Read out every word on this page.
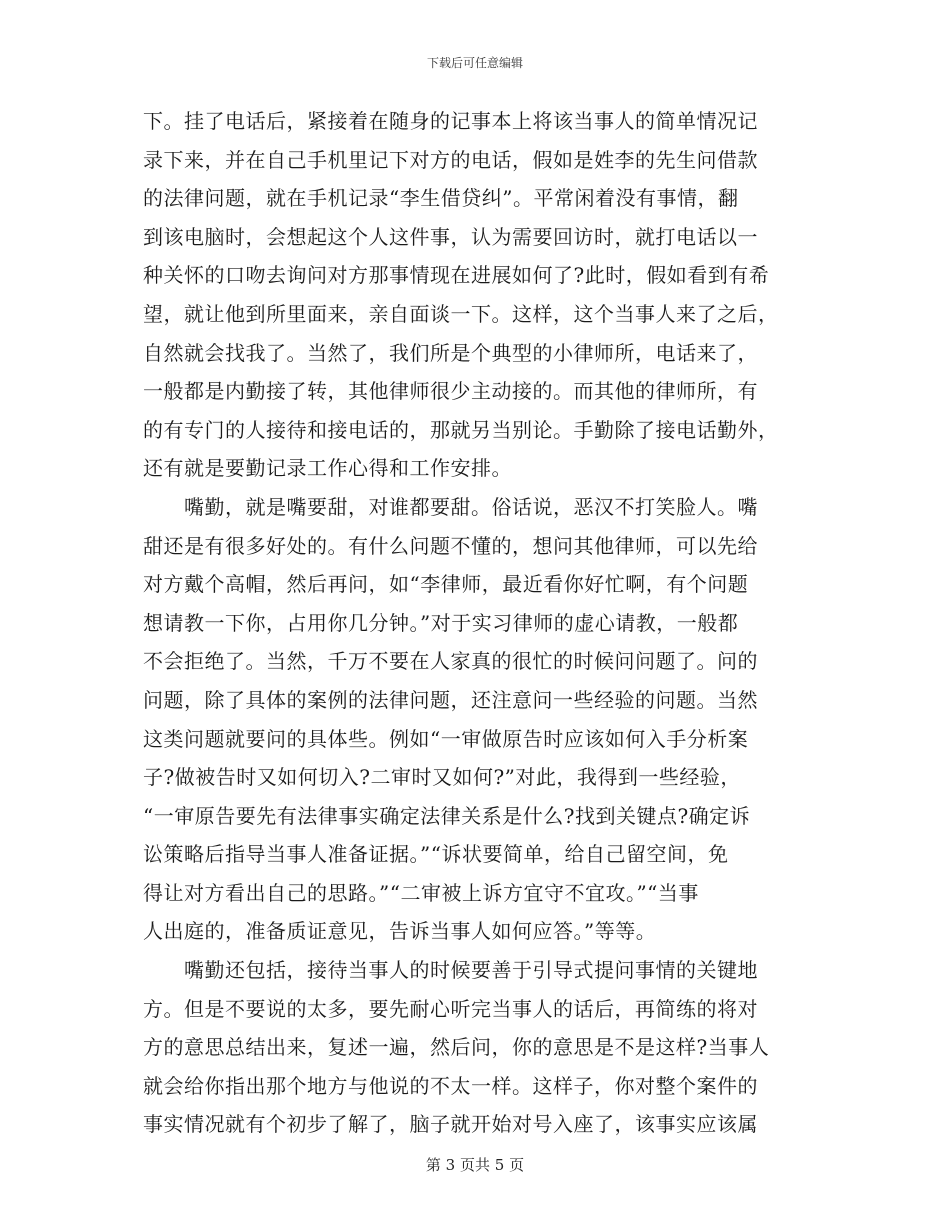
下载后可任意编辑
下。挂了电话后，紧接着在随身的记事本上将该当事人的简单情况记
录下来，并在自己手机里记下对方的电话，假如是姓李的先生问借款
的法律问题，就在手机记录“李生借贷纠”。平常闲着没有事情，翻
到该电脑时，会想起这个人这件事，认为需要回访时，就打电话以一
种关怀的口吻去询问对方那事情现在进展如何了?此时，假如看到有希
望，就让他到所里面来，亲自面谈一下。这样，这个当事人来了之后，
自然就会找我了。当然了，我们所是个典型的小律师所，电话来了，
一般都是内勤接了转，其他律师很少主动接的。而其他的律师所，有
的有专门的人接待和接电话的，那就另当别论。手勤除了接电话勤外，
还有就是要勤记录工作心得和工作安排。
　　嘴勤，就是嘴要甜，对谁都要甜。俗话说，恶汉不打笑脸人。嘴
甜还是有很多好处的。有什么问题不懂的，想问其他律师，可以先给
对方戴个高帽，然后再问，如“李律师，最近看你好忙啊，有个问题
想请教一下你，占用你几分钟。”对于实习律师的虚心请教，一般都
不会拒绝了。当然，千万不要在人家真的很忙的时候问问题了。问的
问题，除了具体的案例的法律问题，还注意问一些经验的问题。当然
这类问题就要问的具体些。例如“一审做原告时应该如何入手分析案
子?做被告时又如何切入?二审时又如何?”对此，我得到一些经验，
“一审原告要先有法律事实确定法律关系是什么?找到关键点?确定诉
讼策略后指导当事人准备证据。”“诉状要简单，给自己留空间，免
得让对方看出自己的思路。”“二审被上诉方宜守不宜攻。”“当事
人出庭的，准备质证意见，告诉当事人如何应答。”等等。
　　嘴勤还包括，接待当事人的时候要善于引导式提问事情的关键地
方。但是不要说的太多，要先耐心听完当事人的话后，再简练的将对
方的意思总结出来，复述一遍，然后问，你的意思是不是这样?当事人
就会给你指出那个地方与他说的不太一样。这样子，你对整个案件的
事实情况就有个初步了解了，脑子就开始对号入座了，该事实应该属
第 3 页共 5 页
